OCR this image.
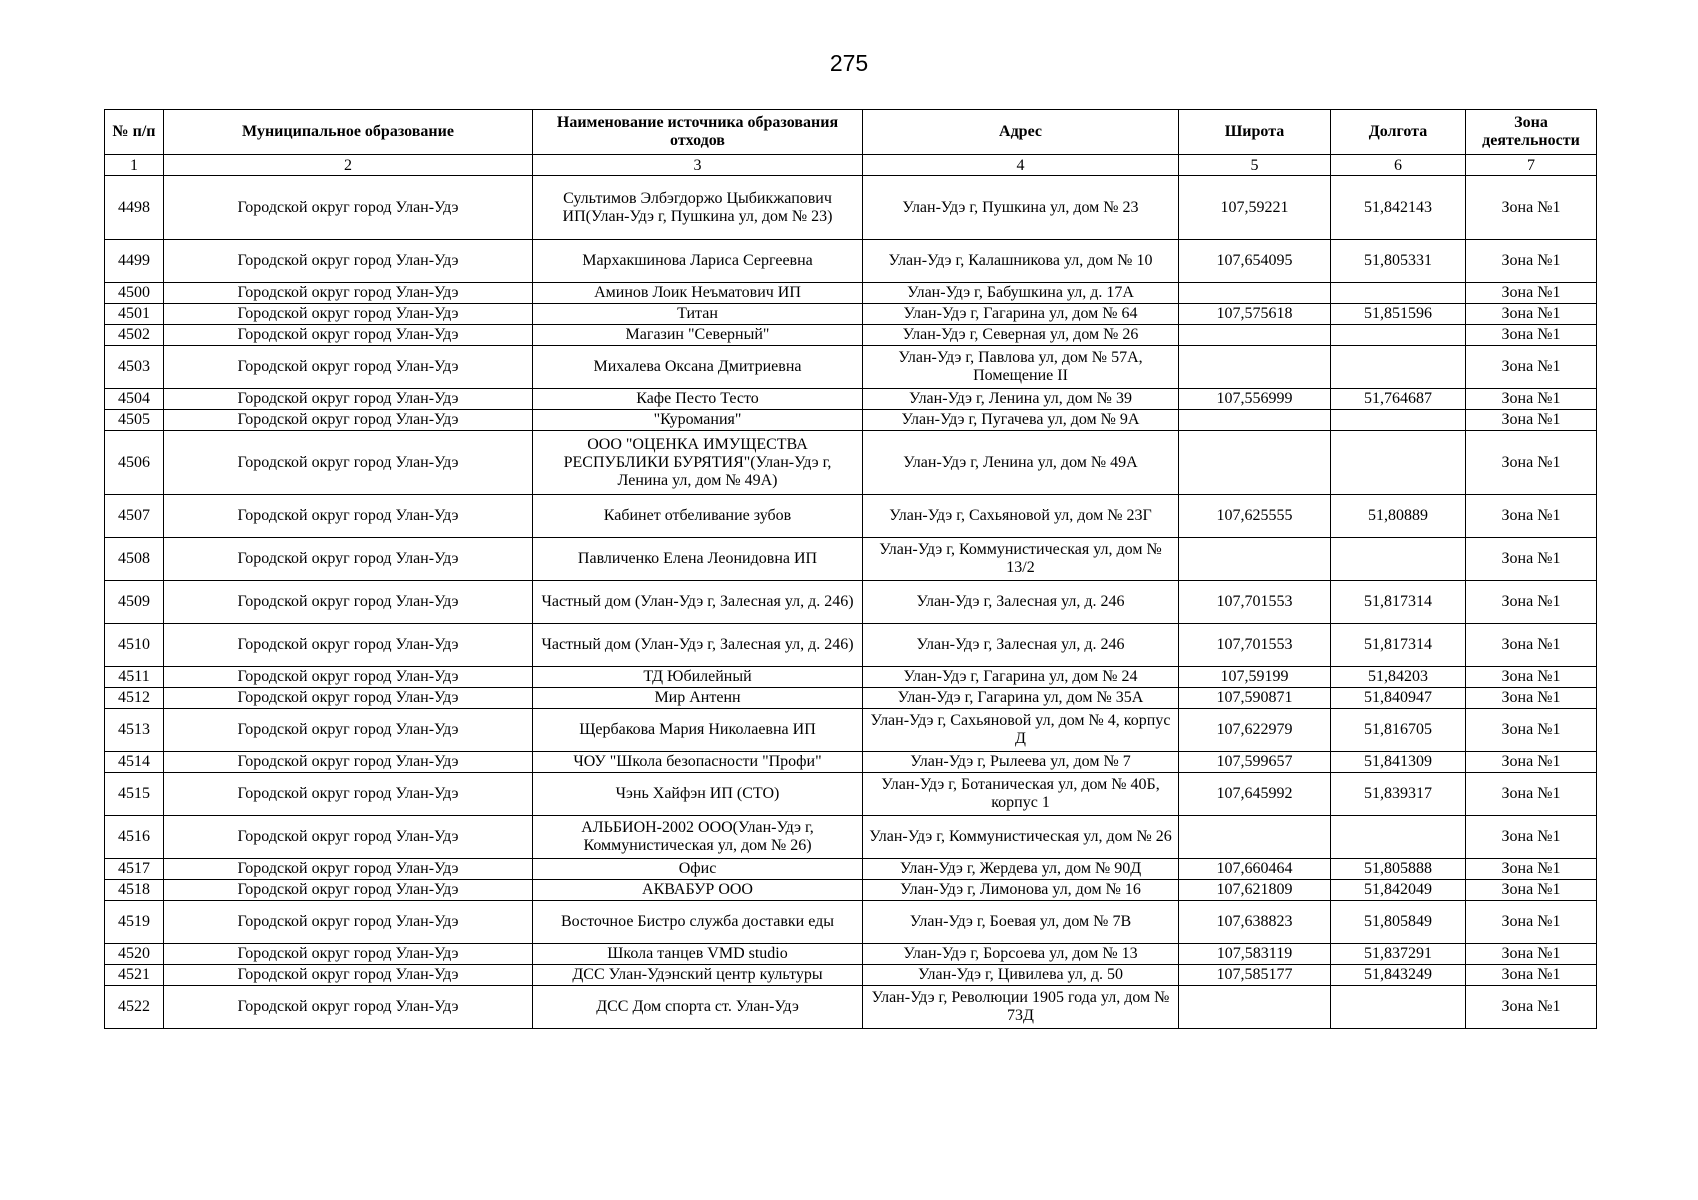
275
№ п/п	Муниципальное образование	Наименование источника образования отходов	Адрес	Широта	Долгота	Зона деятельности
1	2	3	4	5	6	7
4498	Городской округ город Улан-Удэ	Сультимов Элбэгдоржо Цыбикжапович ИП(Улан-Удэ г, Пушкина ул, дом № 23)	Улан-Удэ г, Пушкина ул, дом № 23	107,59221	51,842143	Зона №1
4499	Городской округ город Улан-Удэ	Мархакшинова Лариса Сергеевна	Улан-Удэ г, Калашникова ул, дом № 10	107,654095	51,805331	Зона №1
4500	Городской округ город Улан-Удэ	Аминов Лоик Неъматович ИП	Улан-Удэ г, Бабушкина ул, д. 17А			Зона №1
4501	Городской округ город Улан-Удэ	Титан	Улан-Удэ г, Гагарина ул, дом № 64	107,575618	51,851596	Зона №1
4502	Городской округ город Улан-Удэ	Магазин "Северный"	Улан-Удэ г, Северная ул, дом № 26			Зона №1
4503	Городской округ город Улан-Удэ	Михалева Оксана Дмитриевна	Улан-Удэ г, Павлова ул, дом № 57А, Помещение II			Зона №1
4504	Городской округ город Улан-Удэ	Кафе Песто Тесто	Улан-Удэ г, Ленина ул, дом № 39	107,556999	51,764687	Зона №1
4505	Городской округ город Улан-Удэ	"Куромания"	Улан-Удэ г, Пугачева ул, дом № 9А			Зона №1
4506	Городской округ город Улан-Удэ	ООО "ОЦЕНКА ИМУЩЕСТВА РЕСПУБЛИКИ БУРЯТИЯ"(Улан-Удэ г, Ленина ул, дом № 49А)	Улан-Удэ г, Ленина ул, дом № 49А			Зона №1
4507	Городской округ город Улан-Удэ	Кабинет отбеливание зубов	Улан-Удэ г, Сахьяновой ул, дом № 23Г	107,625555	51,80889	Зона №1
4508	Городской округ город Улан-Удэ	Павличенко Елена Леонидовна ИП	Улан-Удэ г, Коммунистическая ул, дом № 13/2			Зона №1
4509	Городской округ город Улан-Удэ	Частный дом (Улан-Удэ г, Залесная ул, д. 246)	Улан-Удэ г, Залесная ул, д. 246	107,701553	51,817314	Зона №1
4510	Городской округ город Улан-Удэ	Частный дом (Улан-Удэ г, Залесная ул, д. 246)	Улан-Удэ г, Залесная ул, д. 246	107,701553	51,817314	Зона №1
4511	Городской округ город Улан-Удэ	ТД Юбилейный	Улан-Удэ г, Гагарина ул, дом № 24	107,59199	51,84203	Зона №1
4512	Городской округ город Улан-Удэ	Мир Антенн	Улан-Удэ г, Гагарина ул, дом № 35А	107,590871	51,840947	Зона №1
4513	Городской округ город Улан-Удэ	Щербакова Мария Николаевна ИП	Улан-Удэ г, Сахьяновой ул, дом № 4, корпус Д	107,622979	51,816705	Зона №1
4514	Городской округ город Улан-Удэ	ЧОУ "Школа безопасности "Профи"	Улан-Удэ г, Рылеева ул, дом № 7	107,599657	51,841309	Зона №1
4515	Городской округ город Улан-Удэ	Чэнь Хайфэн ИП (СТО)	Улан-Удэ г, Ботаническая ул, дом № 40Б, корпус 1	107,645992	51,839317	Зона №1
4516	Городской округ город Улан-Удэ	АЛЬБИОН-2002 ООО(Улан-Удэ г, Коммунистическая ул, дом № 26)	Улан-Удэ г, Коммунистическая ул, дом № 26			Зона №1
4517	Городской округ город Улан-Удэ	Офис	Улан-Удэ г, Жердева ул, дом № 90Д	107,660464	51,805888	Зона №1
4518	Городской округ город Улан-Удэ	АКВАБУР ООО	Улан-Удэ г, Лимонова ул, дом № 16	107,621809	51,842049	Зона №1
4519	Городской округ город Улан-Удэ	Восточное Бистро служба доставки еды	Улан-Удэ г, Боевая ул, дом № 7В	107,638823	51,805849	Зона №1
4520	Городской округ город Улан-Удэ	Школа танцев VMD studio	Улан-Удэ г, Борсоева ул, дом № 13	107,583119	51,837291	Зона №1
4521	Городской округ город Улан-Удэ	ДСС Улан-Удэнский центр культуры	Улан-Удэ г, Цивилева ул, д. 50	107,585177	51,843249	Зона №1
4522	Городской округ город Улан-Удэ	ДСС Дом спорта ст. Улан-Удэ	Улан-Удэ г, Революции 1905 года ул, дом № 73Д			Зона №1
